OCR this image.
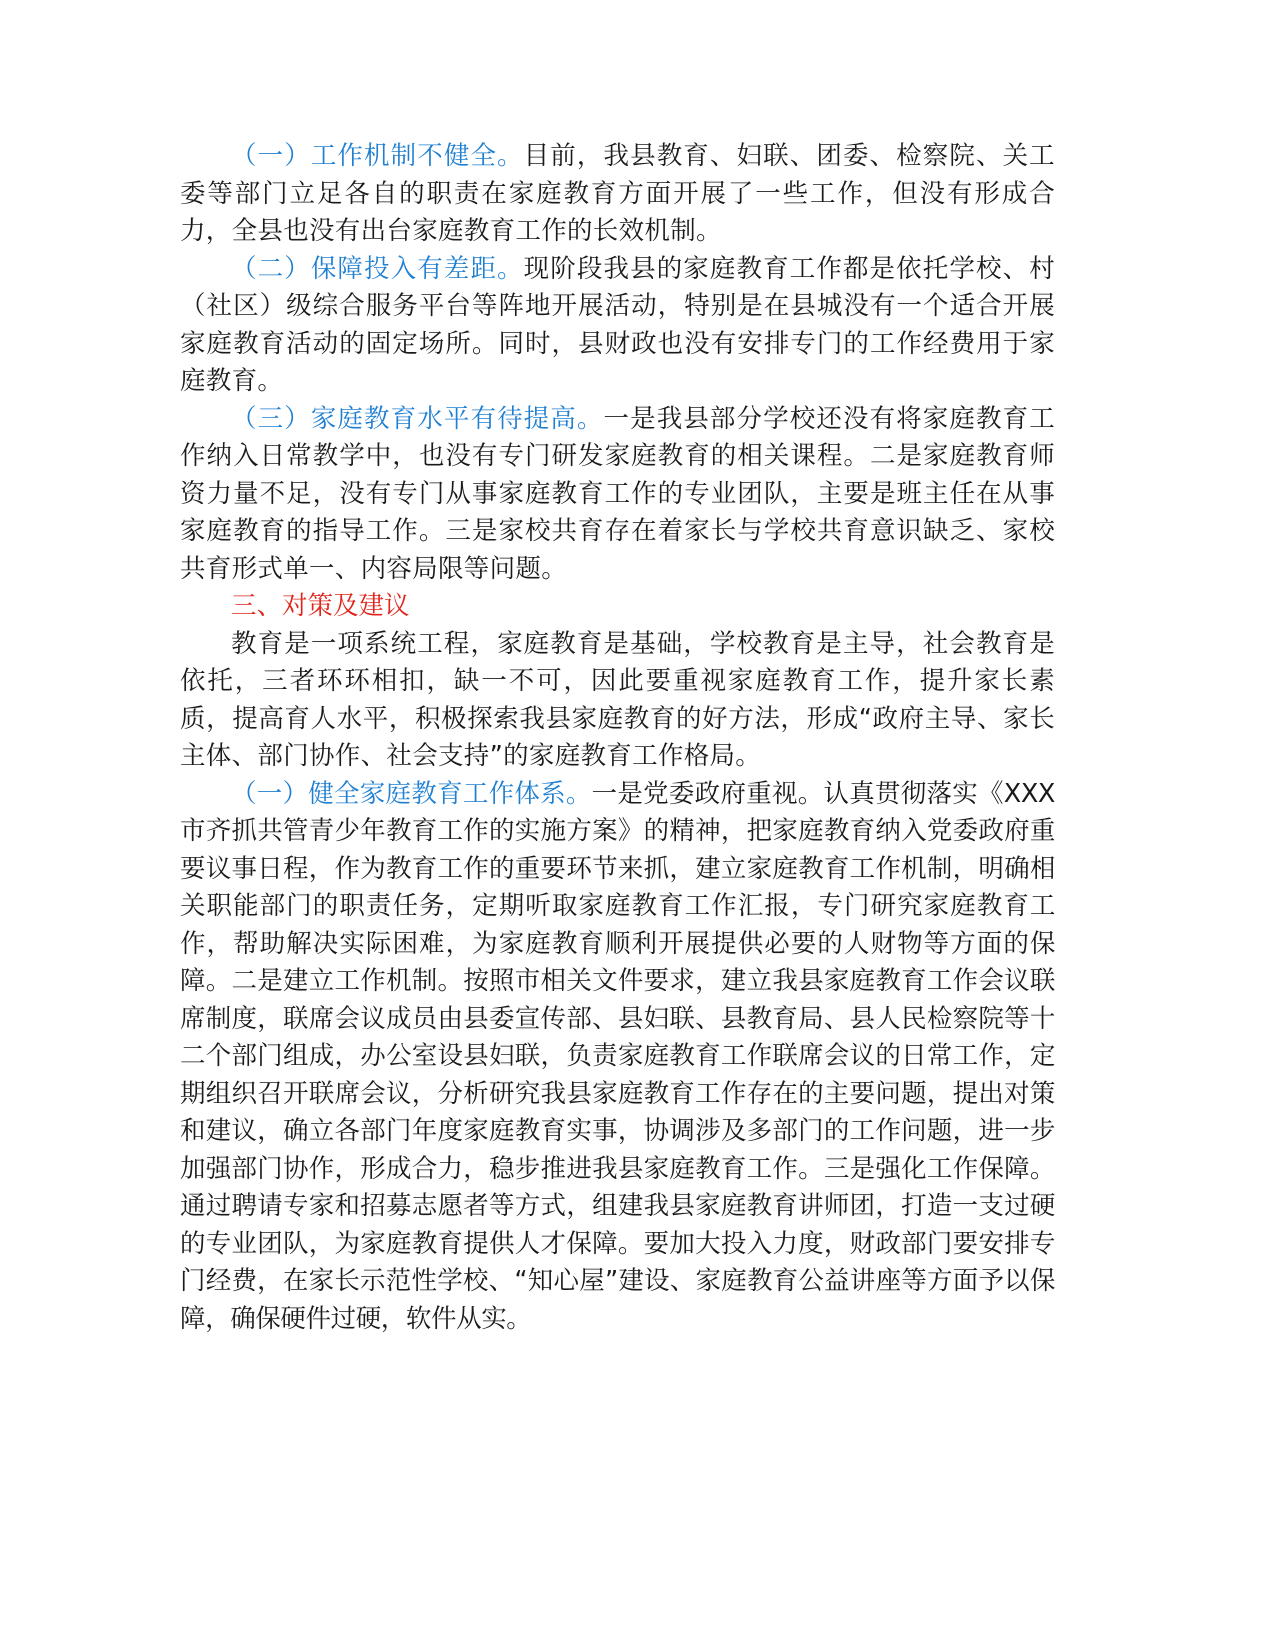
（一）工作机制不健全。目前，我县教育、妇联、团委、检察院、关工委等部门立足各自的职责在家庭教育方面开展了一些工作，但没有形成合力，全县也没有出台家庭教育工作的长效机制。

（二）保障投入有差距。现阶段我县的家庭教育工作都是依托学校、村（社区）级综合服务平台等阵地开展活动，特别是在县城没有一个适合开展家庭教育活动的固定场所。同时，县财政也没有安排专门的工作经费用于家庭教育。

（三）家庭教育水平有待提高。一是我县部分学校还没有将家庭教育工作纳入日常教学中，也没有专门研发家庭教育的相关课程。二是家庭教育师资力量不足，没有专门从事家庭教育工作的专业团队，主要是班主任在从事家庭教育的指导工作。三是家校共育存在着家长与学校共育意识缺乏、家校共育形式单一、内容局限等问题。

三、对策及建议

教育是一项系统工程，家庭教育是基础，学校教育是主导，社会教育是依托，三者环环相扣，缺一不可，因此要重视家庭教育工作，提升家长素质，提高育人水平，积极探索我县家庭教育的好方法，形成“政府主导、家长主体、部门协作、社会支持”的家庭教育工作格局。

（一）健全家庭教育工作体系。一是党委政府重视。认真贯彻落实《XXX市齐抓共管青少年教育工作的实施方案》的精神，把家庭教育纳入党委政府重要议事日程，作为教育工作的重要环节来抓，建立家庭教育工作机制，明确相关职能部门的职责任务，定期听取家庭教育工作汇报，专门研究家庭教育工作，帮助解决实际困难，为家庭教育顺利开展提供必要的人财物等方面的保障。二是建立工作机制。按照市相关文件要求，建立我县家庭教育工作会议联席制度，联席会议成员由县委宣传部、县妇联、县教育局、县人民检察院等十二个部门组成，办公室设县妇联，负责家庭教育工作联席会议的日常工作，定期组织召开联席会议，分析研究我县家庭教育工作存在的主要问题，提出对策和建议，确立各部门年度家庭教育实事，协调涉及多部门的工作问题，进一步加强部门协作，形成合力，稳步推进我县家庭教育工作。三是强化工作保障。通过聘请专家和招募志愿者等方式，组建我县家庭教育讲师团，打造一支过硬的专业团队，为家庭教育提供人才保障。要加大投入力度，财政部门要安排专门经费，在家长示范性学校、“知心屋”建设、家庭教育公益讲座等方面予以保障，确保硬件过硬，软件从实。
